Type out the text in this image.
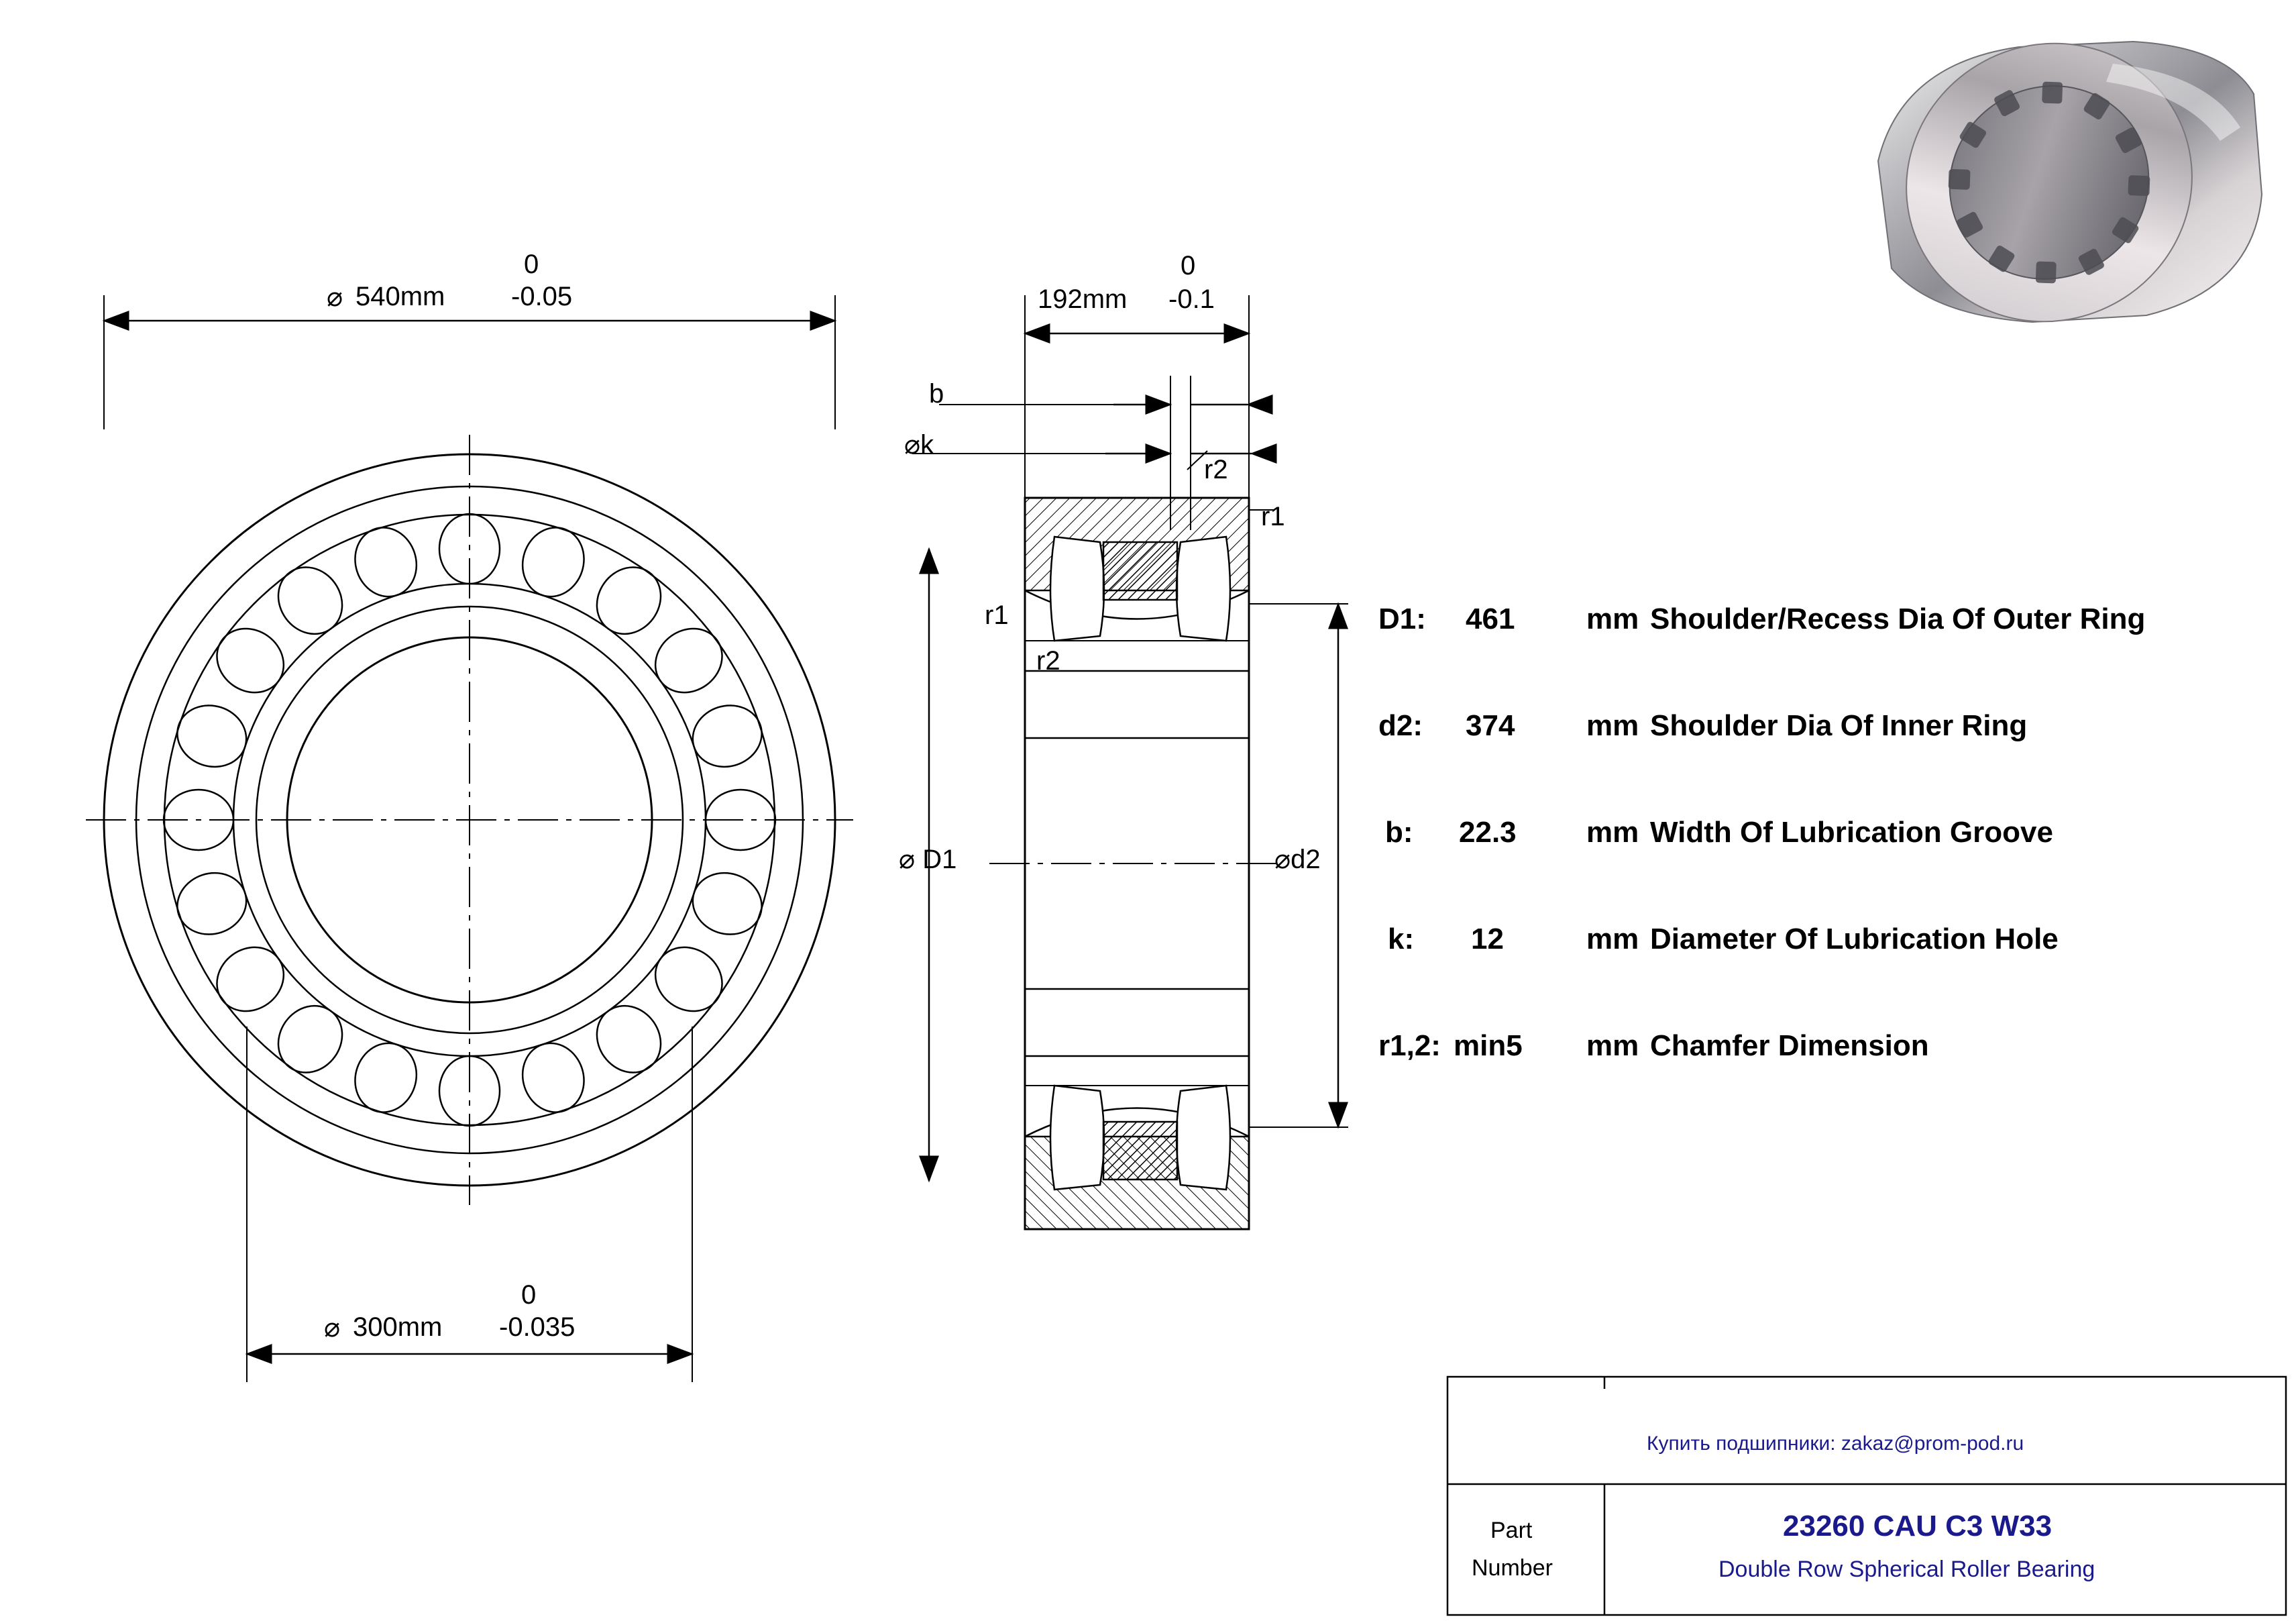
0
⌀ 540mm -0.05
0
⌀ 300mm -0.035
0
192mm -0.1
b
⌀k
r2
r1
r1
r2
⌀ D1	⌀d2
D1: 461 mm Shoulder/Recess Dia Of Outer Ring
d2: 374 mm Shoulder Dia Of Inner Ring
b: 22.3 mm Width Of Lubrication Groove
k: 12	mm Diameter Of Lubrication Hole
r1,2: min5 mm Chamfer Dimension
Купить подшипники: zakaz@prom-pod.ru
Part
Number
23260 CAU C3 W33
Double Row Spherical Roller Bearing
